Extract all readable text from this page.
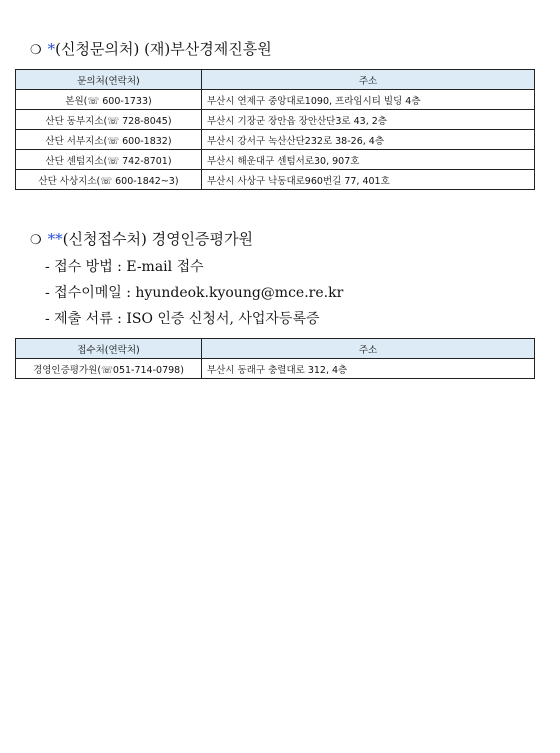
❍ *(신청문의처) (재)부산경제진흥원
문의처(연락처)	주소
본원(☏ 600-1733)	부산시 연제구 중앙대로1090, 프라임시티 빌딩 4층
산단 동부지소(☏ 728-8045)	부산시 기장군 장안읍 장안산단3로 43, 2층
산단 서부지소(☏ 600-1832)	부산시 강서구 녹산산단232로 38-26, 4층
산단 센텀지소(☏ 742-8701)	부산시 해운대구 센텀서로30, 907호
산단 사상지소(☏ 600-1842~3)	부산시 사상구 낙동대로960번길 77, 401호
❍ **(신청접수처) 경영인증평가원
- 접수 방법 : E-mail 접수
- 접수이메일 : hyundeok.kyoung@mce.re.kr
- 제출 서류 : ISO 인증 신청서, 사업자등록증
접수처(연락처)	주소
경영인증평가원(☏051-714-0798)	부산시 동래구 충렬대로 312, 4층
